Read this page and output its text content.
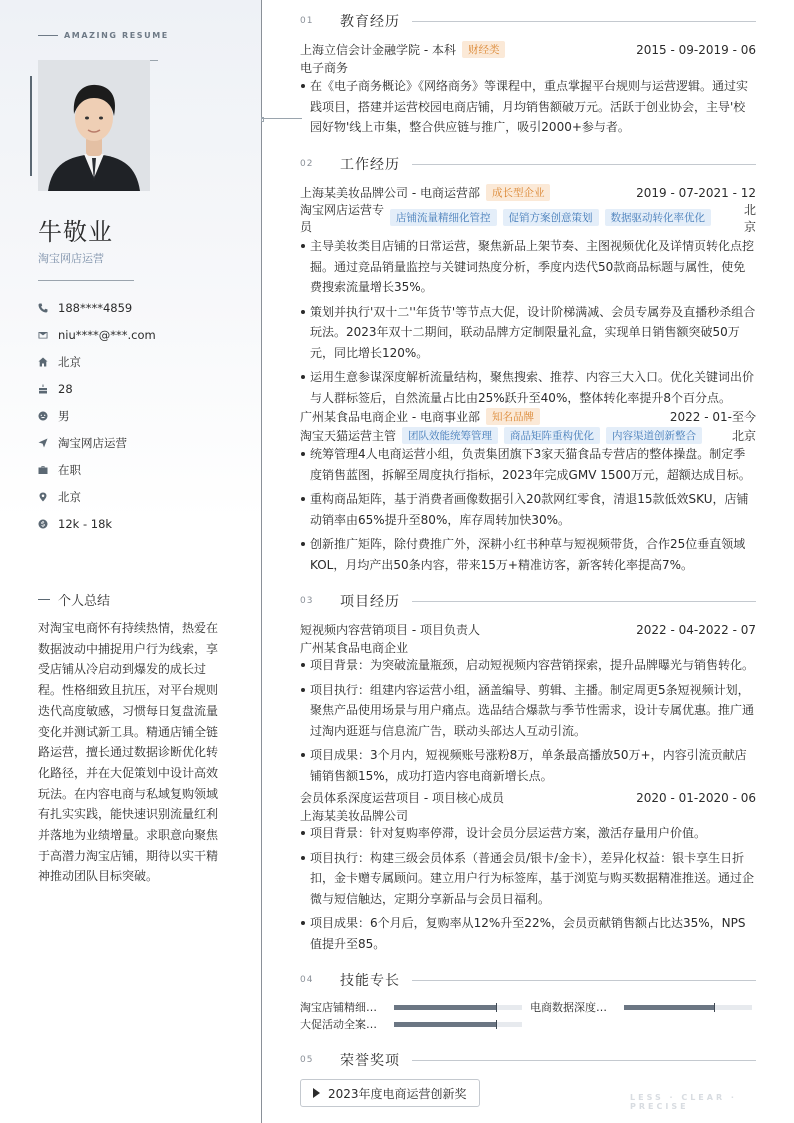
AMAZING RESUME
牛敬业
淘宝网店运营
188****4859
niu****@***.com
北京
28
男
淘宝网店运营
在职
北京
12k - 18k
个人总结
对淘宝电商怀有持续热情，热爱在数据波动中捕捉用户行为线索，享受店铺从冷启动到爆发的成长过程。性格细致且抗压，对平台规则迭代高度敏感，习惯每日复盘流量变化并测试新工具。精通店铺全链路运营，擅长通过数据诊断优化转化路径，并在大促策划中设计高效玩法。在内容电商与私域复购领域有扎实实践，能快速识别流量红利并落地为业绩增量。求职意向聚焦于高潜力淘宝店铺，期待以实干精神推动团队目标突破。
01	教育经历
上海立信会计金融学院 - 本科	财经类	2015 - 09-2019 - 06
电子商务
在《电子商务概论》《网络商务》等课程中，重点掌握平台规则与运营逻辑。通过实践项目，搭建并运营校园电商店铺，月均销售额破万元。活跃于创业协会，主导'校园好物'线上市集，整合供应链与推广，吸引2000+参与者。
02	工作经历
上海某美妆品牌公司 - 电商运营部	成长型企业	2019 - 07-2021 - 12
淘宝网店运营专员
店铺流量精细化管控	促销方案创意策划	数据驱动转化率优化
北京
主导美妆类目店铺的日常运营，聚焦新品上架节奏、主图视频优化及详情页转化点挖掘。通过竞品销量监控与关键词热度分析，季度内迭代50款商品标题与属性，使免费搜索流量增长35%。
策划并执行'双十二''年货节'等节点大促，设计阶梯满减、会员专属券及直播秒杀组合玩法。2023年双十二期间，联动品牌方定制限量礼盒，实现单日销售额突破50万元，同比增长120%。
运用生意参谋深度解析流量结构，聚焦搜索、推荐、内容三大入口。优化关键词出价与人群标签后，自然流量占比由25%跃升至40%，整体转化率提升8个百分点。
广州某食品电商企业 - 电商事业部	知名品牌	2022 - 01-至今
淘宝天猫运营主管	团队效能统筹管理	商品矩阵重构优化	内容渠道创新整合	北京
统筹管理4人电商运营小组，负责集团旗下3家天猫食品专营店的整体操盘。制定季度销售蓝图，拆解至周度执行指标，2023年完成GMV 1500万元，超额达成目标。
重构商品矩阵，基于消费者画像数据引入20款网红零食，清退15款低效SKU，店铺动销率由65%提升至80%，库存周转加快30%。
创新推广矩阵，除付费推广外，深耕小红书种草与短视频带货，合作25位垂直领域KOL，月均产出50条内容，带来15万+精准访客，新客转化率提高7%。
03	项目经历
短视频内容营销项目 - 项目负责人	2022 - 04-2022 - 07
广州某食品电商企业
项目背景：为突破流量瓶颈，启动短视频内容营销探索，提升品牌曝光与销售转化。
项目执行：组建内容运营小组，涵盖编导、剪辑、主播。制定周更5条短视频计划，聚焦产品使用场景与用户痛点。选品结合爆款与季节性需求，设计专属优惠。推广通过淘内逛逛与信息流广告，联动头部达人互动引流。
项目成果：3个月内，短视频账号涨粉8万，单条最高播放50万+，内容引流贡献店铺销售额15%，成功打造内容电商新增长点。
会员体系深度运营项目 - 项目核心成员	2020 - 01-2020 - 06
上海某美妆品牌公司
项目背景：针对复购率停滞，设计会员分层运营方案，激活存量用户价值。
项目执行：构建三级会员体系（普通会员/银卡/金卡），差异化权益：银卡享生日折扣，金卡赠专属顾问。建立用户行为标签库，基于浏览与购买数据精准推送。通过企微与短信触达，定期分享新品与会员日福利。
项目成果：6个月后，复购率从12%升至22%，会员贡献销售额占比达35%，NPS值提升至85。
04	技能专长
淘宝店铺精细…	电商数据深度…
大促活动全案…
05	荣誉奖项
2023年度电商运营创新奖	LESS · CLEAR · PRECISE
